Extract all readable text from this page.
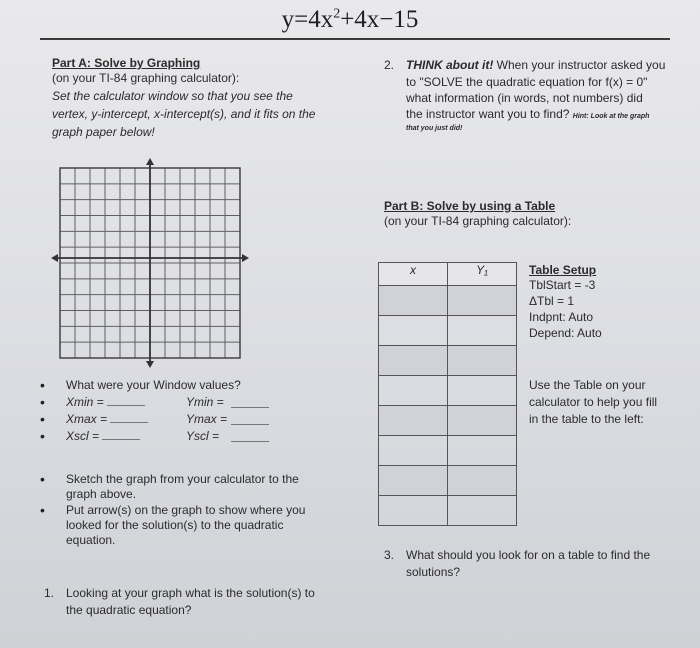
$y=4x^2+4x-15$
Part A: Solve by Graphing
(on your TI-84 graphing calculator):
Set the calculator window so that you see the
vertex, y-intercept, x-intercept(s), and it fits on the
graph paper below!
2. THINK about it! When your instructor asked you
to "SOLVE the quadratic equation for f(x) = 0"
what information (in words, not numbers) did
the instructor want you to find? Hint: Look at the graph
that you just did!
Part B: Solve by using a Table
(on your TI-84 graphing calculator):
x	Y₁

		Table Setup
TblStart = -3
ΔTbl = 1
Indpnt: Auto
Depend: Auto
Use the Table on your
calculator to help you fill
in the table to the left:
• What were your Window values?
• Xmin =	Ymin =
• Xmax =	Ymax =
• Xscl =	Yscl =
• Sketch the graph from your calculator to the
graph above.
• Put arrow(s) on the graph to show where you
looked for the solution(s) to the quadratic
equation.
1. Looking at your graph what is the solution(s) to
the quadratic equation?
3. What should you look for on a table to find the
solutions?
